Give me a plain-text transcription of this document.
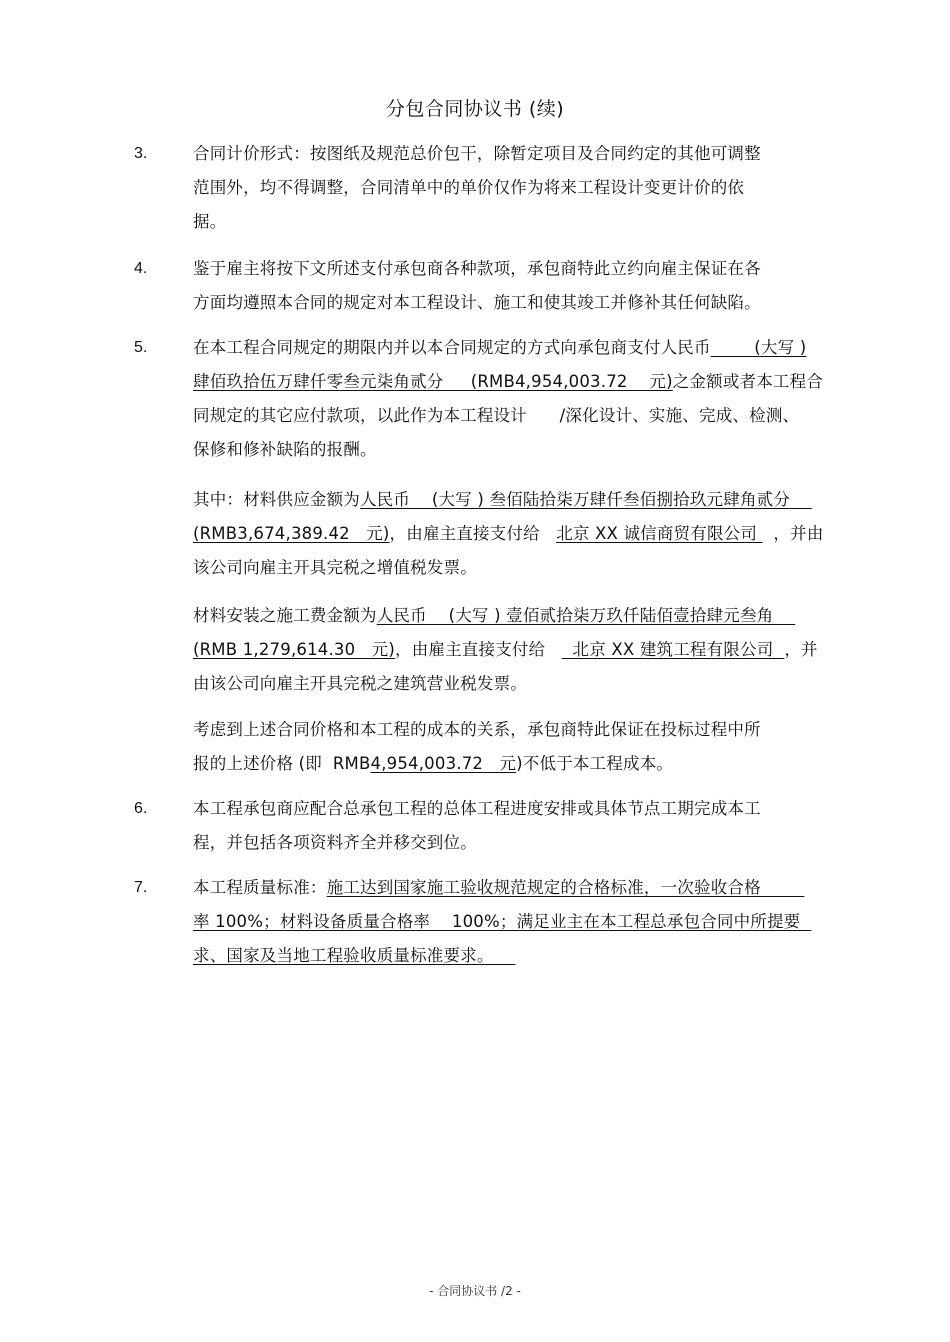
分包合同协议书 (续)
3.	合同计价形式：按图纸及规范总价包干，除暂定项目及合同约定的其他可调整
范围外，均不得调整，合同清单中的单价仅作为将来工程设计变更计价的依
据。
4.	鉴于雇主将按下文所述支付承包商各种款项，承包商特此立约向雇主保证在各
方面均遵照本合同的规定对本工程设计、施工和使其竣工并修补其任何缺陷。
5.	在本工程合同规定的期限内并以本合同规定的方式向承包商支付人民币        (大写 )
肆佰玖拾伍万肆仟零叁元柒角贰分     (RMB4,954,003.72    元)之金额或者本工程合
同规定的其它应付款项，以此作为本工程设计      /深化设计、实施、完成、检测、
保修和修补缺陷的报酬。
其中：材料供应金额为人民币    (大写 ) 叁佰陆拾柒万肆仟叁佰捌拾玖元肆角贰分
(RMB3,674,389.42   元)，由雇主直接支付给   北京 XX 诚信商贸有限公司   ，并由
该公司向雇主开具完税之增值税发票。
材料安装之施工费金额为人民币    (大写 ) 壹佰贰拾柒万玖仟陆佰壹拾肆元叁角
(RMB 1,279,614.30   元)，由雇主直接支付给     北京 XX 建筑工程有限公司  ，并
由该公司向雇主开具完税之建筑营业税发票。
考虑到上述合同价格和本工程的成本的关系，承包商特此保证在投标过程中所
报的上述价格 (即  RMB4,954,003.72   元)不低于本工程成本。
6.	本工程承包商应配合总承包工程的总体工程进度安排或具体节点工期完成本工
程，并包括各项资料齐全并移交到位。
7.	本工程质量标准：施工达到国家施工验收规范规定的合格标准，一次验收合格
率 100%；材料设备质量合格率    100%；满足业主在本工程总承包合同中所提要
求、国家及当地工程验收质量标准要求。
- 合同协议书 /2 -
